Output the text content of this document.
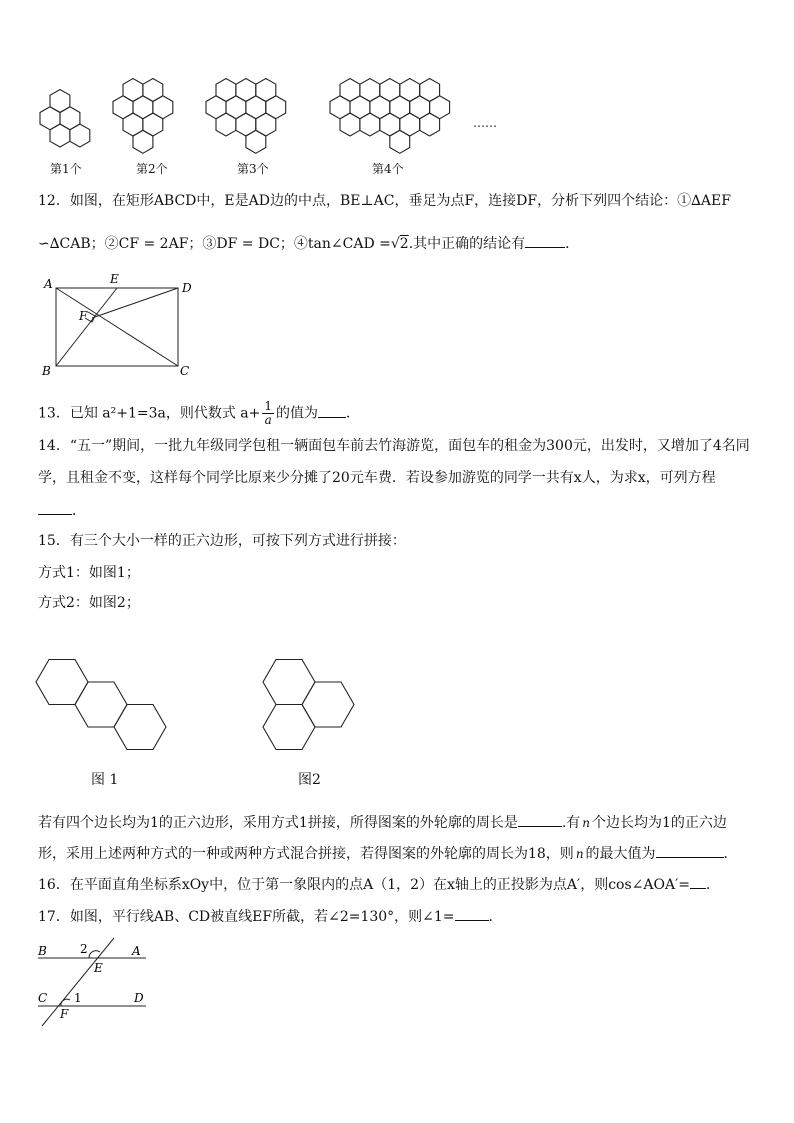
第1个	第2个	第3个	第4个
……
12．如图，在矩形ABCD中，E是AD边的中点，BE⊥AC，垂足为点F，连接DF，分析下列四个结论：①∆AEF
∽∆CAB；②CF = 2AF；③DF = DC；④tan∠CAD =√2.其中正确的结论有	．
A	E
D
F
B	C
13．已知 a²+1=3a，则代数式 $a+ \frac{1}{a}$ 的值为 ．
14．“五一”期间，一批九年级同学包租一辆面包车前去竹海游览，面包车的租金为300元，出发时，又增加了4名同
学，且租金不变，这样每个同学比原来少分摊了20元车费．若设参加游览的同学一共有x人，为求x，可列方程
．
15．有三个大小一样的正六边形，可按下列方式进行拼接：
方式1：如图1；
方式2：如图2；
图 1	图2
若有四个边长均为1的正六边形，采用方式1拼接，所得图案的外轮廓的周长是	.有 n 个边长均为1的正六边
形，采用上述两种方式的一种或两种方式混合拼接，若得图案的外轮廓的周长为18，则 n 的最大值为	．
16．在平面直角坐标系xOy中，位于第一象限内的点A（1，2）在x轴上的正投影为点A′，则cos∠AOA′= ．
17．如图，平行线AB、CD被直线EF所截，若∠2=130°，则∠1= ．
B	2	A
E
C 1	D
F
